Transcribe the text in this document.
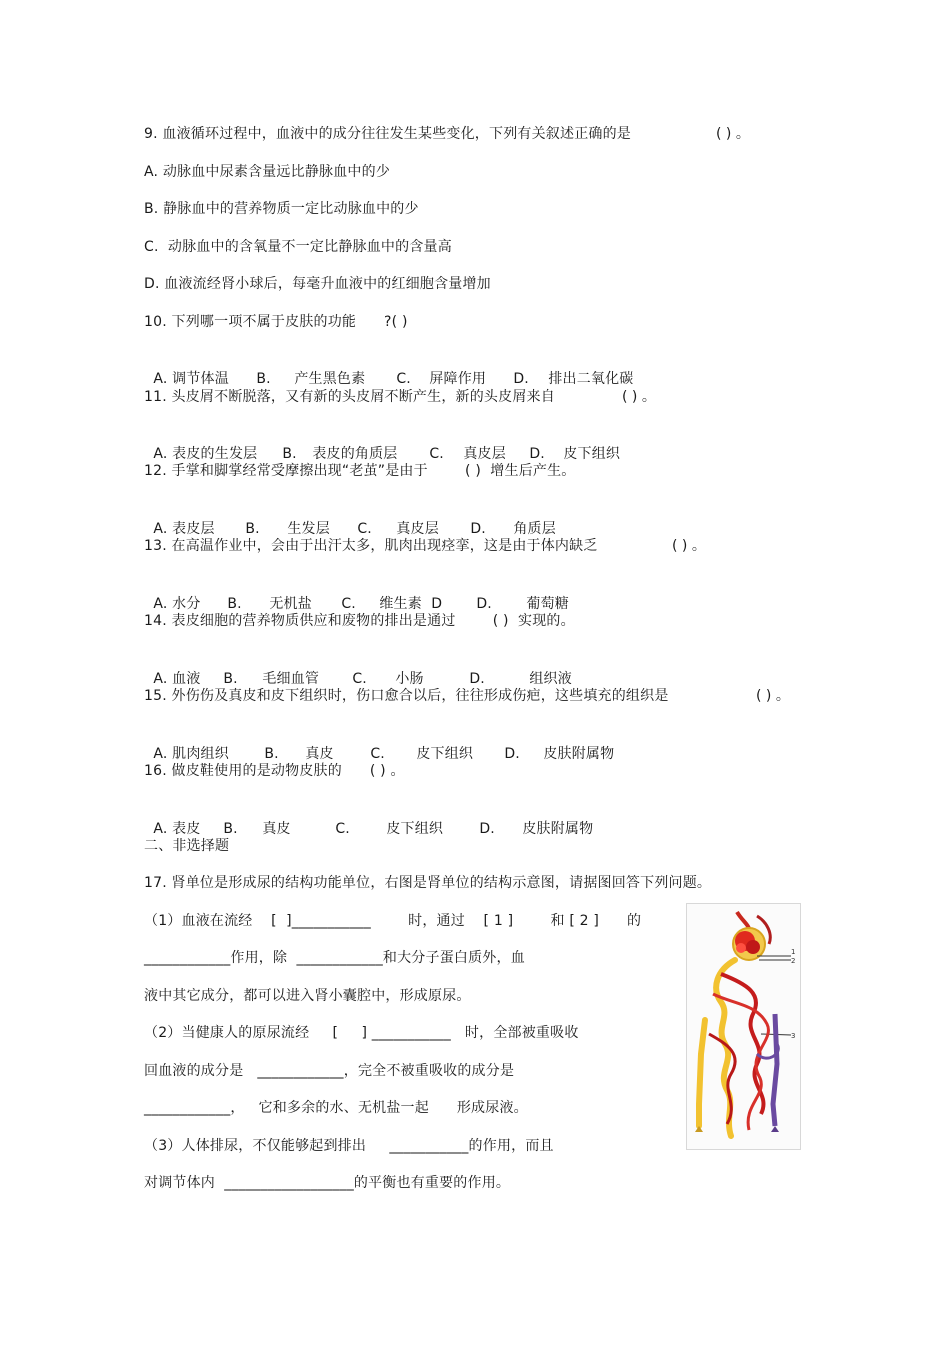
9. 血液循环过程中，血液中的成分往往发生某些变化，下列有关叙述正确的是	( ) 。
A. 动脉血中尿素含量远比静脉血中的少
B. 静脉血中的营养物质一定比动脉血中的少
C.  动脉血中的含氧量不一定比静脉血中的含量高
D. 血液流经肾小球后，每毫升血液中的红细胞含量增加
10. 下列哪一项不属于皮肤的功能      ?( )

A. 调节体温 B. 产生黑色素 C. 屏障作用 D. 排出二氧化碳

11. 头皮屑不断脱落，又有新的头皮屑不断产生，新的头皮屑来自	( ) 。

A. 表皮的生发层 B. 表皮的角质层 C. 真皮层 D. 皮下组织

12. 手掌和脚掌经常受摩擦出现“老茧”是由于        ( )  增生后产生。

A. 表皮层 B. 生发层 C. 真皮层 D. 角质层

13. 在高温作业中，会由于出汗太多，肌肉出现痉挛，这是由于体内缺乏	( ) 。

A. 水分 B. 无机盐 C. 维生素  D D. 葡萄糖

14. 表皮细胞的营养物质供应和废物的排出是通过        ( )  实现的。

A. 血液 B. 毛细血管 C. 小肠	D.	组织液

15. 外伤伤及真皮和皮下组织时，伤口愈合以后，往往形成伤疤，这些填充的组织是	( ) 。

A. 肌肉组织	B. 真皮	C. 皮下组织 D. 皮肤附属物

16. 做皮鞋使用的是动物皮肤的      ( ) 。

A. 表皮 B. 真皮	C.	皮下组织	D. 皮肤附属物

二、非选择题
17. 肾单位是形成尿的结构功能单位，右图是肾单位的结构示意图，请据图回答下列问题。
（1）血液在流经    [  ]___________        时，通过    [ 1 ]        和 [ 2 ]      的
____________作用，除  ____________和大分子蛋白质外，血
液中其它成分，都可以进入肾小囊腔中，形成原尿。
（2）当健康人的原尿流经     [     ] ___________   时，全部被重吸收
回血液的成分是   ____________，完全不被重吸收的成分是
____________，   它和多余的水、无机盐一起      形成尿液。
（3）人体排尿，不仅能够起到排出     ___________的作用，而且
对调节体内  __________________的平衡也有重要的作用。
1
2
3
